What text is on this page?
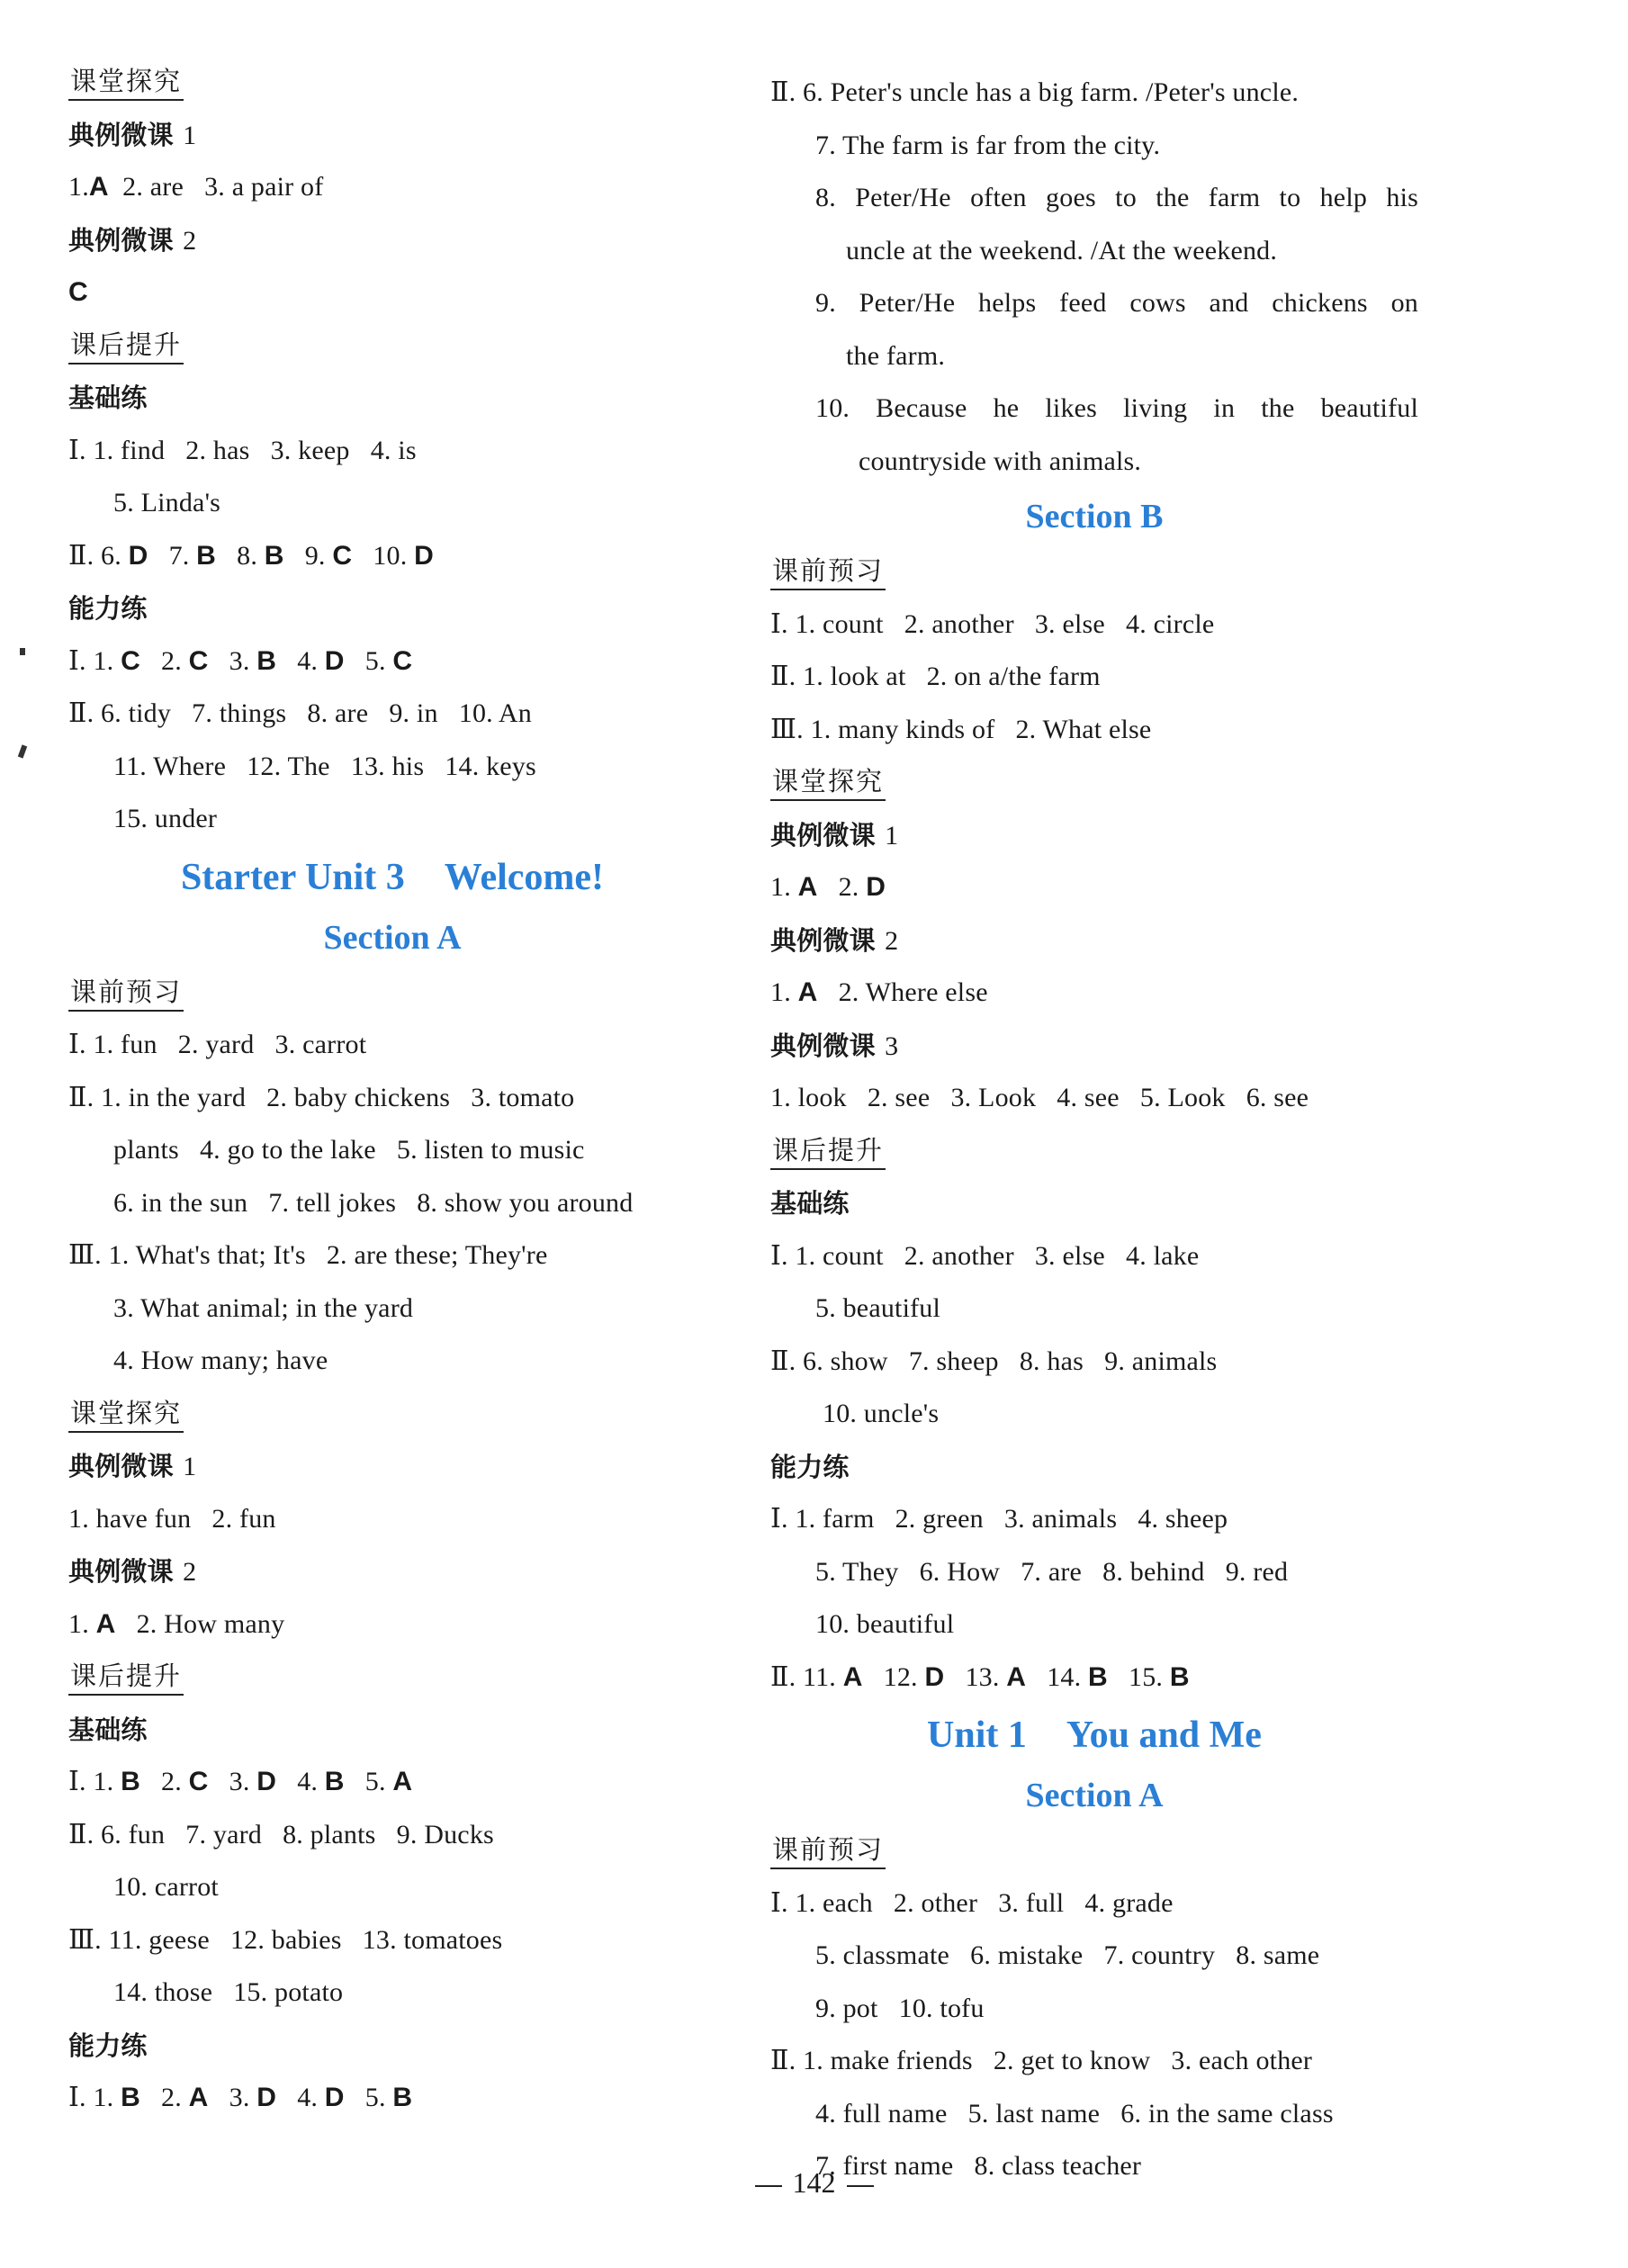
课堂探究
典例微课 1
1.A  2. are   3. a pair of
典例微课 2
C
课后提升
基础练
Ⅰ. 1. find   2. has   3. keep   4. is
5. Linda's
Ⅱ. 6. D   7. B   8. B   9. C   10. D
能力练
Ⅰ. 1. C   2. C   3. B   4. D   5. C
Ⅱ. 6. tidy   7. things   8. are   9. in   10. An
11. Where   12. The   13. his   14. keys
15. under
Starter Unit 3 Welcome!
Section A
课前预习
Ⅰ. 1. fun   2. yard   3. carrot
Ⅱ. 1. in the yard   2. baby chickens   3. tomato
plants   4. go to the lake   5. listen to music
6. in the sun   7. tell jokes   8. show you around
Ⅲ. 1. What's that; It's   2. are these; They're
3. What animal; in the yard
4. How many; have
课堂探究
典例微课 1
1. have fun   2. fun
典例微课 2
1. A   2. How many
课后提升
基础练
Ⅰ. 1. B   2. C   3. D   4. B   5. A
Ⅱ. 6. fun   7. yard   8. plants   9. Ducks
10. carrot
Ⅲ. 11. geese   12. babies   13. tomatoes
14. those   15. potato
能力练
Ⅰ. 1. B   2. A   3. D   4. D   5. B
Ⅱ. 6. Peter's uncle has a big farm. /Peter's uncle.
7. The farm is far from the city.
8. Peter/He often goes to the farm to help his
uncle at the weekend. /At the weekend.
9. Peter/He helps feed cows and chickens on
the farm.
10. Because he likes living in the beautiful
countryside with animals.
Section B
课前预习
Ⅰ. 1. count   2. another   3. else   4. circle
Ⅱ. 1. look at   2. on a/the farm
Ⅲ. 1. many kinds of   2. What else
课堂探究
典例微课 1
1. A   2. D
典例微课 2
1. A   2. Where else
典例微课 3
1. look   2. see   3. Look   4. see   5. Look   6. see
课后提升
基础练
Ⅰ. 1. count   2. another   3. else   4. lake
5. beautiful
Ⅱ. 6. show   7. sheep   8. has   9. animals
10. uncle's
能力练
Ⅰ. 1. farm   2. green   3. animals   4. sheep
5. They   6. How   7. are   8. behind   9. red
10. beautiful
Ⅱ. 11. A   12. D   13. A   14. B   15. B
Unit 1 You and Me
Section A
课前预习
Ⅰ. 1. each   2. other   3. full   4. grade
5. classmate   6. mistake   7. country   8. same
9. pot   10. tofu
Ⅱ. 1. make friends   2. get to know   3. each other
4. full name   5. last name   6. in the same class
7. first name   8. class teacher
142
